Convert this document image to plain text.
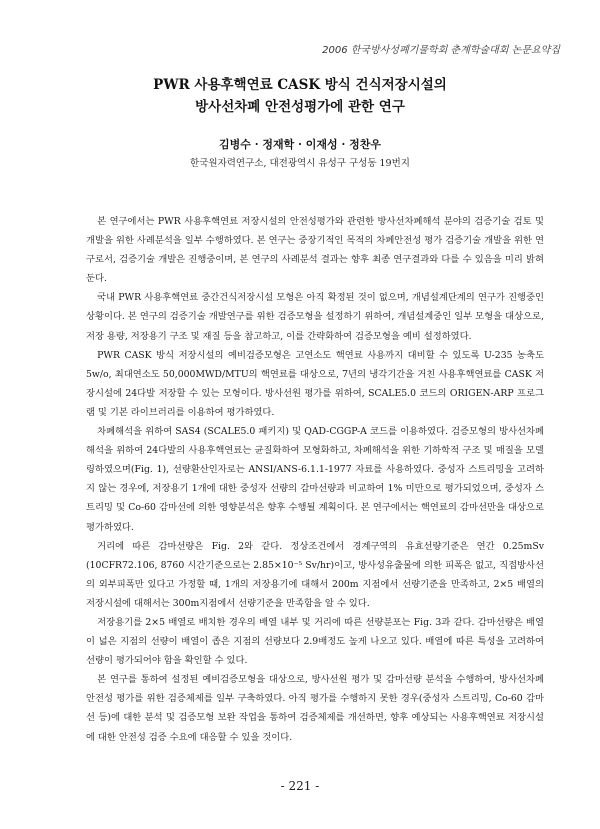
2006 한국방사성폐기물학회 춘계학술대회 논문요약집
PWR 사용후핵연료 CASK 방식 건식저장시설의
방사선차폐 안전성평가에 관한 연구
김병수 · 정재학 · 이재성 · 정찬우
한국원자력연구소, 대전광역시 유성구 구성동 19번지

본 연구에서는 PWR 사용후핵연료 저장시설의 안전성평가와 관련한 방사선차폐해석 분야의 검증기술 검토 및 개발을 위한 사례분석을 일부 수행하였다. 본 연구는 중장기적인 목적의 차폐안전성 평가 검증기술 개발을 위한 연구로서, 검증기술 개발은 진행중이며, 본 연구의 사례분석 결과는 향후 최종 연구결과와 다를 수 있음을 미리 밝혀둔다.

국내 PWR 사용후핵연료 중간건식저장시설 모형은 아직 확정된 것이 없으며, 개념설계단계의 연구가 진행중인 상황이다. 본 연구의 검증기술 개발연구를 위한 검증모형을 설정하기 위하여, 개념설계중인 일부 모형을 대상으로, 저장 용량, 저장용기 구조 및 재질 등을 참고하고, 이를 간략화하여 검증모형을 예비 설정하였다.

PWR CASK 방식 저장시설의 예비검증모형은 고연소도 핵연료 사용까지 대비할 수 있도록 U-235 농축도 5w/o, 최대연소도 50,000MWD/MTU의 핵연료를 대상으로, 7년의 냉각기간을 거친 사용후핵연료를 CASK 저장시설에 24다발 저장할 수 있는 모형이다. 방사선원 평가를 위하여, SCALE5.0 코드의 ORIGEN-ARP 프로그램 및 기본 라이브러리를 이용하여 평가하였다.

차폐해석을 위하여 SAS4 (SCALE5.0 패키지) 및 QAD-CGGP-A 코드를 이용하였다. 검증모형의 방사선차폐해석을 위하여 24다발의 사용후핵연료는 균질화하여 모형화하고, 차폐해석을 위한 기하학적 구조 및 매질을 모델링하였으며(Fig. 1), 선량환산인자로는 ANSI/ANS-6.1.1-1977 자료를 사용하였다. 중성자 스트리밍을 고려하지 않는 경우에, 저장용기 1개에 대한 중성자 선량의 감마선량과 비교하여 1% 미만으로 평가되었으며, 중성자 스트리밍 및 Co-60 감마선에 의한 영향분석은 향후 수행될 계획이다. 본 연구에서는 핵연료의 감마선만을 대상으로 평가하였다.

거리에 따른 감마선량은 Fig. 2와 같다. 정상조건에서 경계구역의 유효선량기준은 연간 0.25mSv (10CFR72.106, 8760 시간기준으로는 2.85×10⁻⁵ Sv/hr)이고, 방사성유출물에 의한 피폭은 없고, 직접방사선의 외부피폭만 있다고 가정할 때, 1개의 저장용기에 대해서 200m 지점에서 선량기준을 만족하고, 2×5 배열의 저장시설에 대해서는 300m지점에서 선량기준을 만족함을 알 수 있다.

저장용기를 2×5 배열로 배치한 경우의 배열 내부 및 거리에 따른 선량분포는 Fig. 3과 같다. 감마선량은 배열이 넓은 지점의 선량이 배열이 좁은 지점의 선량보다 2.9배정도 높게 나오고 있다. 배열에 따른 특성을 고려하여 선량이 평가되어야 함을 확인할 수 있다.

본 연구를 통하여 설정된 예비검증모형을 대상으로, 방사선원 평가 및 감마선량 분석을 수행하여, 방사선차폐 안전성 평가를 위한 검증체제를 일부 구축하였다. 아직 평가를 수행하지 못한 경우(중성자 스트리밍, Co-60 감마선 등)에 대한 분석 및 검증모형 보완 작업을 통하여 검증체제를 개선하면, 향후 예상되는 사용후핵연료 저장시설에 대한 안전성 검증 수요에 대응할 수 있을 것이다.

- 221 -
